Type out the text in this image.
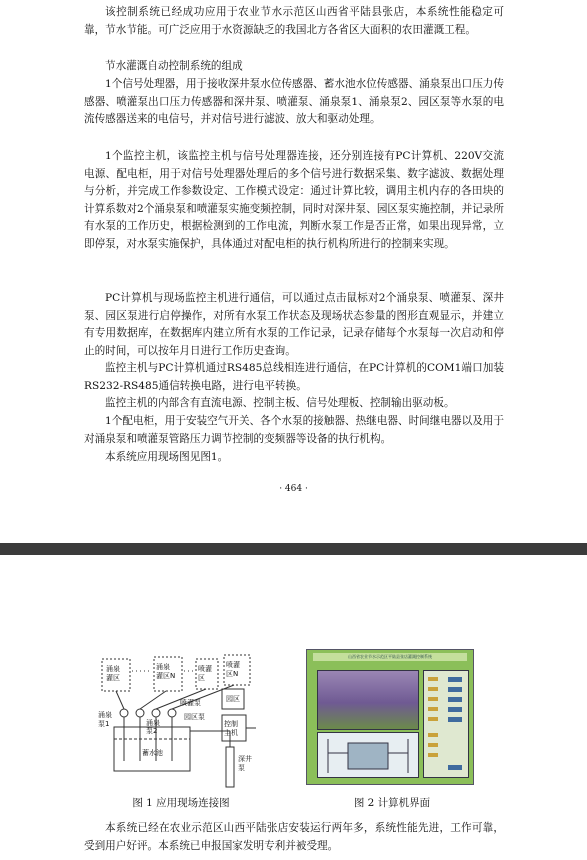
该控制系统已经成功应用于农业节水示范区山西省平陆县张店，本系统性能稳定可靠，节水节能。可广泛应用于水资源缺乏的我国北方各省区大面积的农田灌溉工程。

节水灌溉自动控制系统的组成

1个信号处理器，用于接收深井泵水位传感器、蓄水池水位传感器、涌泉泵出口压力传感器、喷灌泵出口压力传感器和深井泵、喷灌泵、涌泉泵1、涌泉泵2、园区泵等水泵的电流传感器送来的电信号，并对信号进行滤波、放大和驱动处理。

1个监控主机，该监控主机与信号处理器连接，还分别连接有PC计算机、220V交流电源、配电柜，用于对信号处理器处理后的多个信号进行数据采集、数字滤波、数据处理与分析，并完成工作参数设定、工作模式设定：通过计算比较，调用主机内存的各田块的计算系数对2个涌泉泵和喷灌泵实施变频控制，同时对深井泵、园区泵实施控制，并记录所有水泵的工作历史，根据检测到的工作电流，判断水泵工作是否正常，如果出现异常，立即停泵，对水泵实施保护，具体通过对配电柜的执行机构所进行的控制来实现。

PC计算机与现场监控主机进行通信，可以通过点击鼠标对2个涌泉泵、喷灌泵、深井泵、园区泵进行启停操作，对所有水泵工作状态及现场状态参量的图形直观显示，并建立有专用数据库，在数据库内建立所有水泵的工作记录，记录存储每个水泵每一次启动和停止的时间，可以按年月日进行工作历史查询。

监控主机与PC计算机通过RS485总线相连进行通信，在PC计算机的COM1端口加装RS232-RS485通信转换电路，进行电平转换。

监控主机的内部含有直流电源、控制主板、信号处理板、控制输出驱动板。

1个配电柜，用于安装空气开关、各个水泵的接触器、热继电器、时间继电器以及用于对涌泉泵和喷灌泵管路压力调节控制的变频器等设备的执行机构。

本系统应用现场图见图1。

· 464 ·
涌泉
灌区
涌泉
灌区N
喷灌
区
喷灌
区N
园区
控制
主机
涌泉
泵1	涌泉
泵2
喷灌泵
园区泵
蓄水池
深井
泵
图 1 应用现场连接图
山西省农业节水示范区平陆县张店灌溉控制系统
图 2 计算机界面

本系统已经在农业示范区山西平陆张店安装运行两年多，系统性能先进，工作可靠，受到用户好评。本系统已申报国家发明专利并被受理。
